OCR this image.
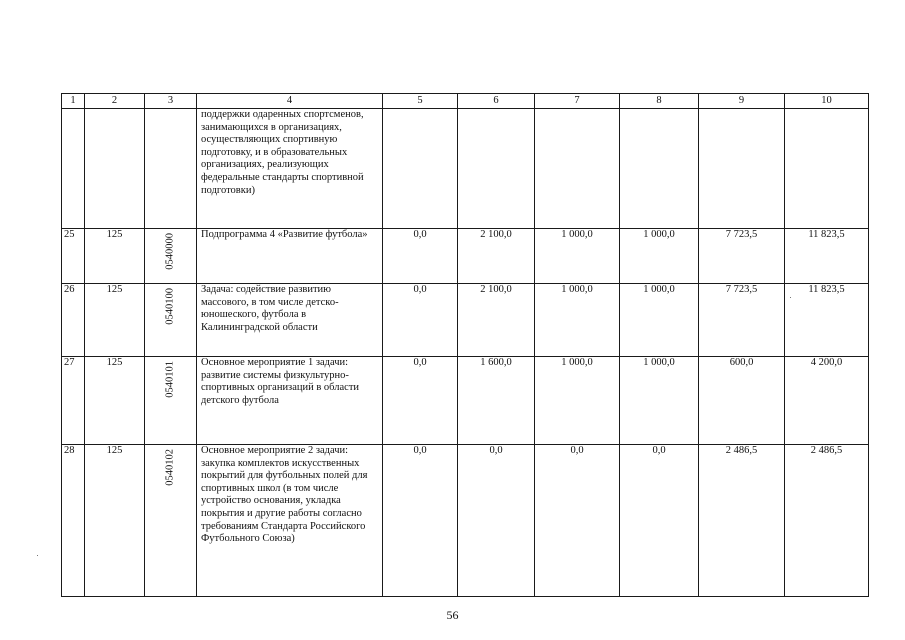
1	2	3	4	5	6	7	8	9	10
			поддержки одаренных спортсменов, занимающихся в организациях, осуществляющих спортивную подготовку, и в образовательных организациях, реализующих федеральные стандарты спортивной подготовки)						
25	125	0540000	Подпрограмма 4 «Развитие футбола»	0,0	2 100,0	1 000,0	1 000,0	7 723,5	11 823,5
26	125	0540100	Задача: содействие развитию массового, в том числе детско-юношеского, футбола в Калининградской области	0,0	2 100,0	1 000,0	1 000,0	7 723,5	11 823,5
27	125	0540101	Основное мероприятие 1 задачи: развитие системы физкультурно-спортивных организаций в области детского футбола	0,0	1 600,0	1 000,0	1 000,0	600,0	4 200,0
28	125	0540102	Основное мероприятие 2 задачи: закупка комплектов искусственных покрытий для футбольных полей для спортивных школ (в том числе устройство основания, укладка покрытия и другие работы согласно требованиям Стандарта Российского Футбольного Союза)	0,0	0,0	0,0	0,0	2 486,5	2 486,5
56
